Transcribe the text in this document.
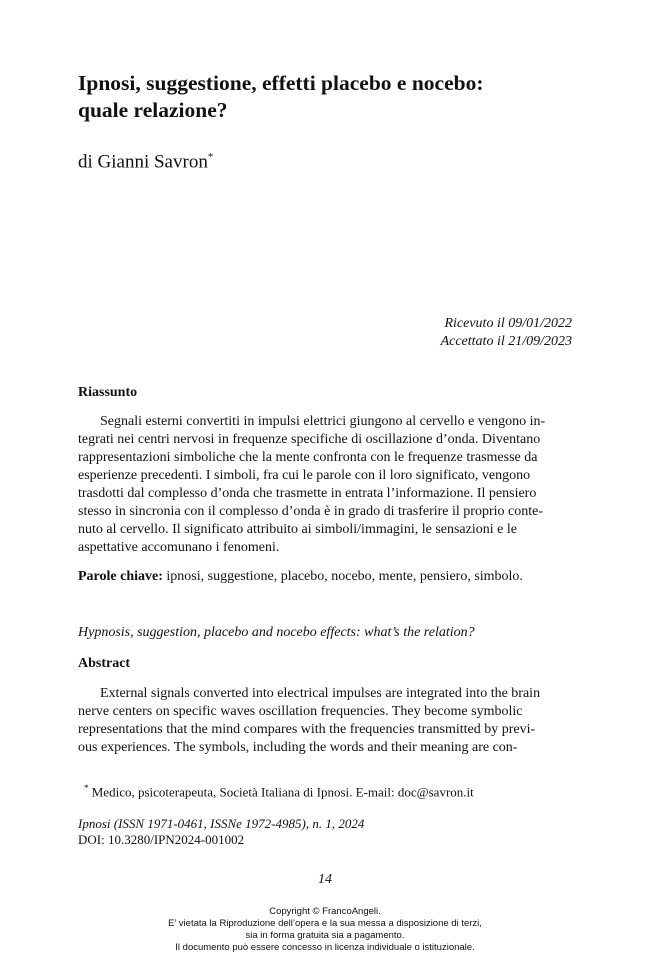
Ipnosi, suggestione, effetti placebo e nocebo:
quale relazione?
di Gianni Savron*
Ricevuto il 09/01/2022
Accettato il 21/09/2023
Riassunto

Segnali esterni convertiti in impulsi elettrici giungono al cervello e vengono in-

tegrati nei centri nervosi in frequenze specifiche di oscillazione d’onda. Diventano
rappresentazioni simboliche che la mente confronta con le frequenze trasmesse da
esperienze precedenti. I simboli, fra cui le parole con il loro significato, vengono
trasdotti dal complesso d’onda che trasmette in entrata l’informazione. Il pensiero
stesso in sincronia con il complesso d’onda è in grado di trasferire il proprio conte-
nuto al cervello. Il significato attribuito ai simboli/immagini, le sensazioni e le
aspettative accomunano i fenomeni.
Parole chiave: ipnosi, suggestione, placebo, nocebo, mente, pensiero, simbolo.
Hypnosis, suggestion, placebo and nocebo effects: what’s the relation?
Abstract

External signals converted into electrical impulses are integrated into the brain

nerve centers on specific waves oscillation frequencies. They become symbolic
representations that the mind compares with the frequencies transmitted by previ-
ous experiences. The symbols, including the words and their meaning are con-
* Medico, psicoterapeuta, Società Italiana di Ipnosi. E-mail: doc@savron.it
Ipnosi (ISSN 1971-0461, ISSNe 1972-4985), n. 1, 2024
DOI: 10.3280/IPN2024-001002
14
Copyright © FrancoAngeli.
E’ vietata la Riproduzione dell’opera e la sua messa a disposizione di terzi,
sia in forma gratuita sia a pagamento.
Il documento può essere concesso in licenza individuale o istituzionale.
